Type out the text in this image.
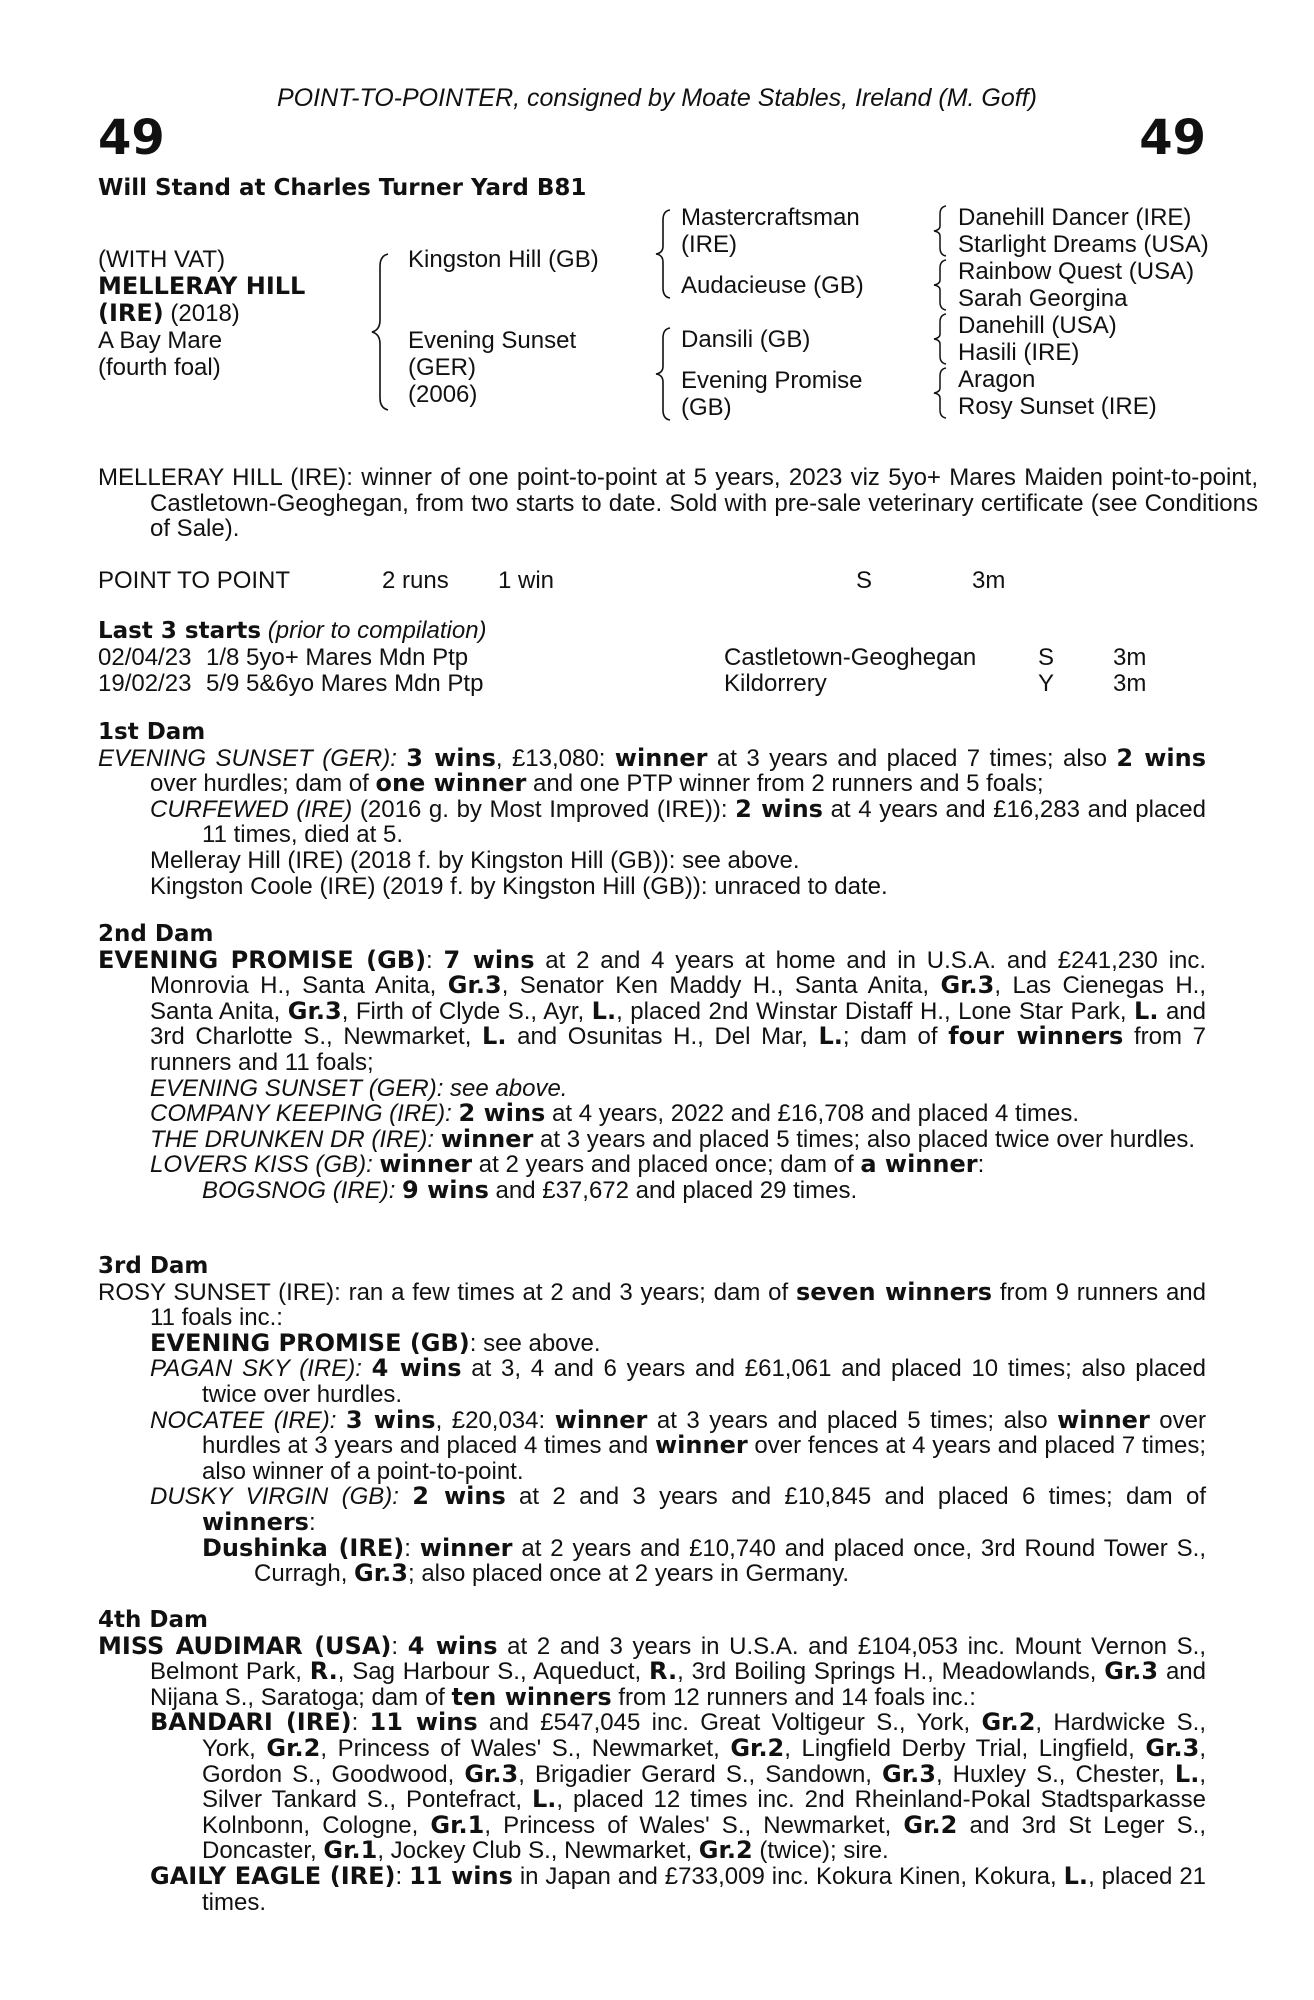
POINT-TO-POINTER, consigned by Moate Stables, Ireland (M. Goff)
49	49
Will Stand at Charles Turner Yard B81
(WITH VAT)
MELLERAY HILL
(IRE) (2018)
A Bay Mare
(fourth foal)
Kingston Hill (GB)
Evening Sunset
(GER)
(2006)
Mastercraftsman
(IRE)
Audacieuse (GB)
Dansili (GB)
Evening Promise
(GB)
Danehill Dancer (IRE)
Starlight Dreams (USA)
Rainbow Quest (USA)
Sarah Georgina
Danehill (USA)
Hasili (IRE)
Aragon
Rosy Sunset (IRE)
MELLERAY HILL (IRE): winner of one point-to-point at 5 years, 2023 viz 5yo+ Mares Maiden point-to-point, Castletown-Geoghegan, from two starts to date. Sold with pre-sale veterinary certificate (see Conditions of Sale).
POINT TO POINT	2 runs 1 win	S	3m
Last 3 starts (prior to compilation)
02/04/23 1/8 5yo+ Mares Mdn Ptp	Castletown-Geoghegan	S 3m
19/02/23 5/9 5&6yo Mares Mdn Ptp	Kildorrery	Y 3m
1st Dam
EVENING SUNSET (GER): 3 wins, £13,080: winner at 3 years and placed 7 times; also 2 wins over hurdles; dam of one winner and one PTP winner from 2 runners and 5 foals;
CURFEWED (IRE) (2016 g. by Most Improved (IRE)): 2 wins at 4 years and £16,283 and placed 11 times, died at 5.
Melleray Hill (IRE) (2018 f. by Kingston Hill (GB)): see above.
Kingston Coole (IRE) (2019 f. by Kingston Hill (GB)): unraced to date.
2nd Dam
EVENING PROMISE (GB): 7 wins at 2 and 4 years at home and in U.S.A. and £241,230 inc. Monrovia H., Santa Anita, Gr.3, Senator Ken Maddy H., Santa Anita, Gr.3, Las Cienegas H., Santa Anita, Gr.3, Firth of Clyde S., Ayr, L., placed 2nd Winstar Distaff H., Lone Star Park, L. and 3rd Charlotte S., Newmarket, L. and Osunitas H., Del Mar, L.; dam of four winners from 7 runners and 11 foals;
EVENING SUNSET (GER): see above.
COMPANY KEEPING (IRE): 2 wins at 4 years, 2022 and £16,708 and placed 4 times.
THE DRUNKEN DR (IRE): winner at 3 years and placed 5 times; also placed twice over hurdles.
LOVERS KISS (GB): winner at 2 years and placed once; dam of a winner:
BOGSNOG (IRE): 9 wins and £37,672 and placed 29 times.
3rd Dam
ROSY SUNSET (IRE): ran a few times at 2 and 3 years; dam of seven winners from 9 runners and 11 foals inc.:
EVENING PROMISE (GB): see above.
PAGAN SKY (IRE): 4 wins at 3, 4 and 6 years and £61,061 and placed 10 times; also placed twice over hurdles.
NOCATEE (IRE): 3 wins, £20,034: winner at 3 years and placed 5 times; also winner over hurdles at 3 years and placed 4 times and winner over fences at 4 years and placed 7 times; also winner of a point-to-point.
DUSKY VIRGIN (GB): 2 wins at 2 and 3 years and £10,845 and placed 6 times; dam of winners:
Dushinka (IRE): winner at 2 years and £10,740 and placed once, 3rd Round Tower S., Curragh, Gr.3; also placed once at 2 years in Germany.
4th Dam
MISS AUDIMAR (USA): 4 wins at 2 and 3 years in U.S.A. and £104,053 inc. Mount Vernon S., Belmont Park, R., Sag Harbour S., Aqueduct, R., 3rd Boiling Springs H., Meadowlands, Gr.3 and Nijana S., Saratoga; dam of ten winners from 12 runners and 14 foals inc.:
BANDARI (IRE): 11 wins and £547,045 inc. Great Voltigeur S., York, Gr.2, Hardwicke S., York, Gr.2, Princess of Wales' S., Newmarket, Gr.2, Lingfield Derby Trial, Lingfield, Gr.3, Gordon S., Goodwood, Gr.3, Brigadier Gerard S., Sandown, Gr.3, Huxley S., Chester, L., Silver Tankard S., Pontefract, L., placed 12 times inc. 2nd Rheinland-Pokal Stadtsparkasse Kolnbonn, Cologne, Gr.1, Princess of Wales' S., Newmarket, Gr.2 and 3rd St Leger S., Doncaster, Gr.1, Jockey Club S., Newmarket, Gr.2 (twice); sire.
GAILY EAGLE (IRE): 11 wins in Japan and £733,009 inc. Kokura Kinen, Kokura, L., placed 21 times.
